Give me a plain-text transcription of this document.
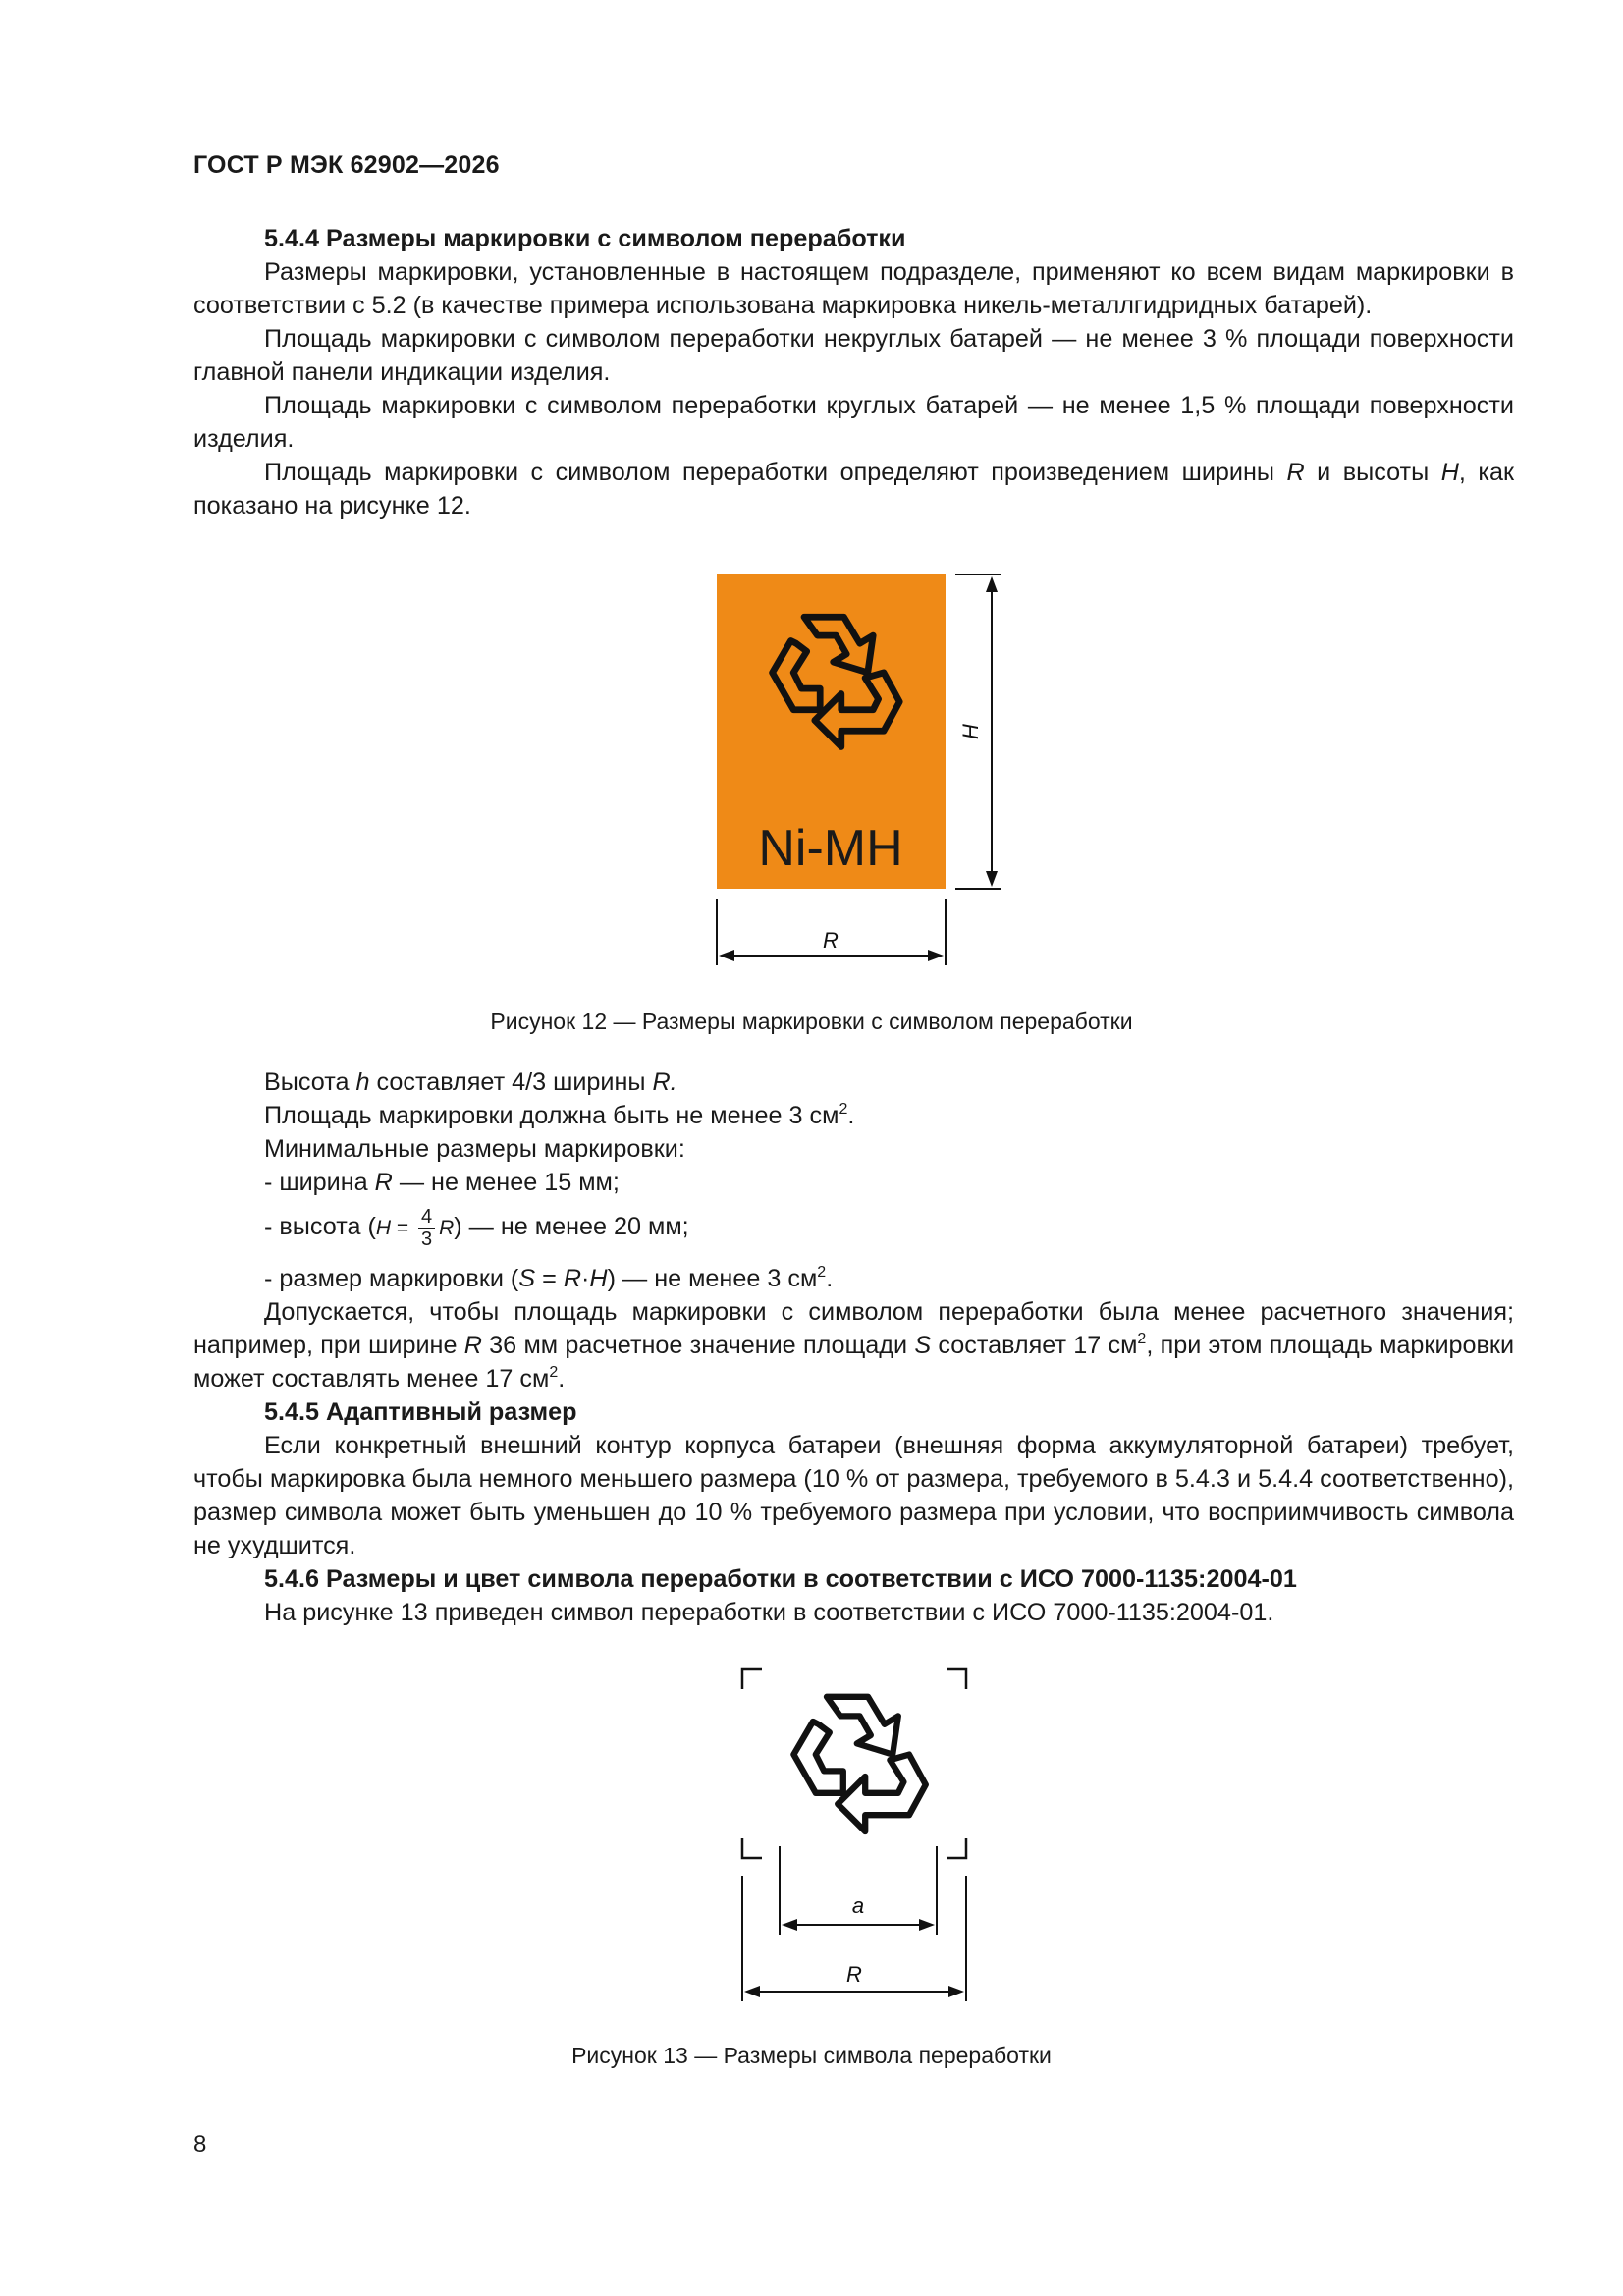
ГОСТ Р МЭК 62902—2026

5.4.4 Размеры маркировки с символом переработки

Размеры маркировки, установленные в настоящем подразделе, применяют ко всем видам маркировки в соответствии с 5.2 (в качестве примера использована маркировка никель-металлгидридных батарей).

Площадь маркировки с символом переработки некруглых батарей — не менее 3 % площади поверхности главной панели индикации изделия.

Площадь маркировки с символом переработки круглых батарей — не менее 1,5 % площади поверхности изделия.

Площадь маркировки с символом переработки определяют произведением ширины R и высоты H, как показано на рисунке 12.

Ni-MH
H
R
Рисунок 12 — Размеры маркировки с символом переработки

Высота h составляет 4/3 ширины R.

Площадь маркировки должна быть не менее 3 $см^2$.

Минимальные размеры маркировки:

- ширина R — не менее 15 мм;

- высота $(H = \frac{4}{3} R)$ — не менее 20 мм;

- размер маркировки (S = R·H) — не менее 3 $см^2$.

Допускается, чтобы площадь маркировки с символом переработки была менее расчетного значения; например, при ширине R 36 мм расчетное значение площади S составляет 17 $см^2$, при этом площадь маркировки может составлять менее 17 $см^2$.

5.4.5 Адаптивный размер

Если конкретный внешний контур корпуса батареи (внешняя форма аккумуляторной батареи) требует, чтобы маркировка была немного меньшего размера (10 % от размера, требуемого в 5.4.3 и 5.4.4 соответственно), размер символа может быть уменьшен до 10 % требуемого размера при условии, что восприимчивость символа не ухудшится.

5.4.6 Размеры и цвет символа переработки в соответствии с ИСО 7000-1135:2004-01

На рисунке 13 приведен символ переработки в соответствии с ИСО 7000-1135:2004-01.

a
R
Рисунок 13 — Размеры символа переработки
8
